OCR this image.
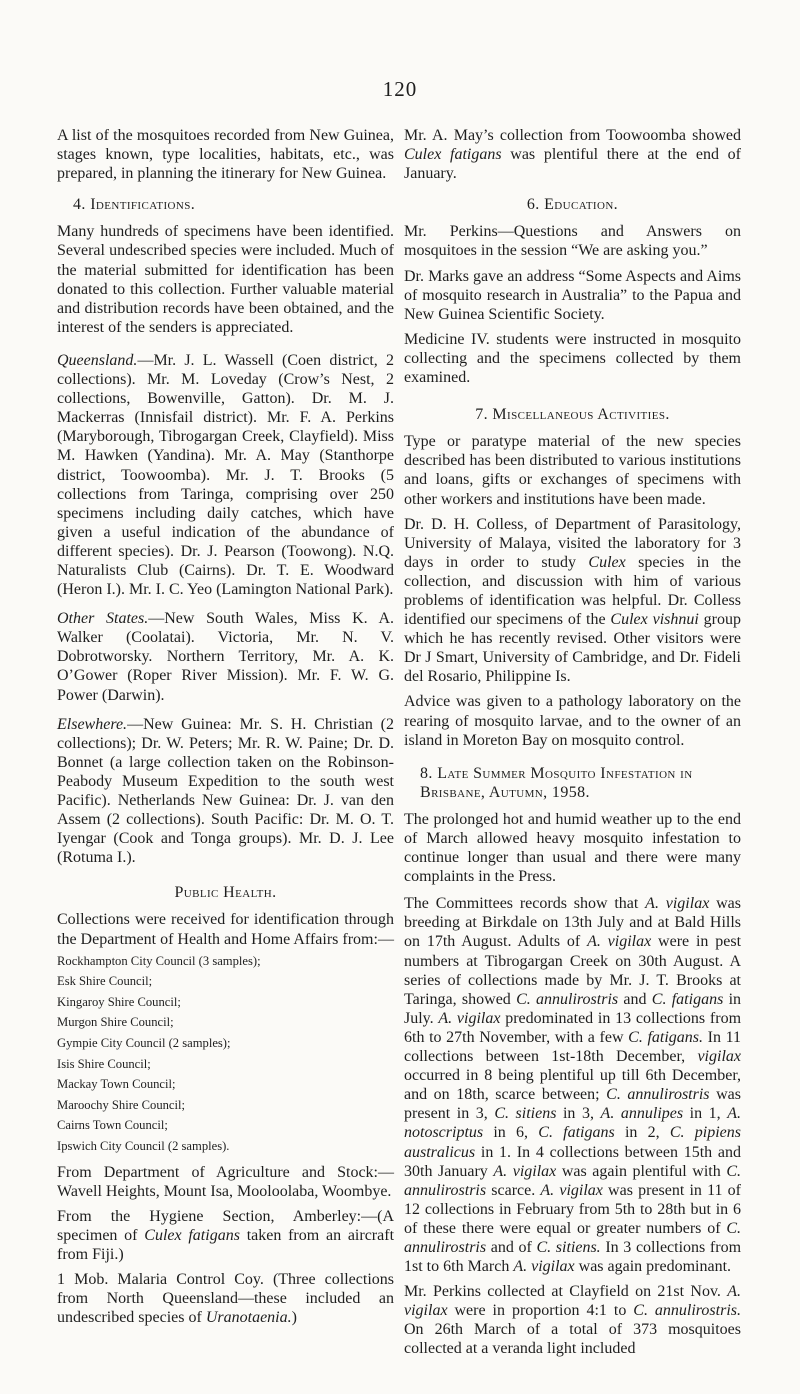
120

A list of the mosquitoes recorded from New Guinea, stages known, type localities, habitats, etc., was prepared, in planning the itinerary for New Guinea.

4. Identifications.

Many hundreds of specimens have been identified. Several undescribed species were included. Much of the material submitted for identification has been donated to this collection. Further valuable material and distribution records have been obtained, and the interest of the senders is appreciated.

Queensland.—Mr. J. L. Wassell (Coen district, 2 collections). Mr. M. Loveday (Crow’s Nest, 2 collections, Bowenville, Gatton). Dr. M. J. Mackerras (Innisfail district). Mr. F. A. Perkins (Maryborough, Tibrogargan Creek, Clayfield). Miss M. Hawken (Yandina). Mr. A. May (Stanthorpe district, Toowoomba). Mr. J. T. Brooks (5 collections from Taringa, comprising over 250 specimens including daily catches, which have given a useful indication of the abundance of different species). Dr. J. Pearson (Toowong). N.Q. Naturalists Club (Cairns). Dr. T. E. Woodward (Heron I.). Mr. I. C. Yeo (Lamington National Park).

Other States.—New South Wales, Miss K. A. Walker (Coolatai). Victoria, Mr. N. V. Dobrotworsky. Northern Territory, Mr. A. K. O’Gower (Roper River Mission). Mr. F. W. G. Power (Darwin).

Elsewhere.—New Guinea: Mr. S. H. Christian (2 collections); Dr. W. Peters; Mr. R. W. Paine; Dr. D. Bonnet (a large collection taken on the Robinson-Peabody Museum Expedition to the south west Pacific). Netherlands New Guinea: Dr. J. van den Assem (2 collections). South Pacific: Dr. M. O. T. Iyengar (Cook and Tonga groups). Mr. D. J. Lee (Rotuma I.).

Public Health.

Collections were received for identification through the Department of Health and Home Affairs from:—

Rockhampton City Council (3 samples);
Esk Shire Council;
Kingaroy Shire Council;
Murgon Shire Council;
Gympie City Council (2 samples);
Isis Shire Council;
Mackay Town Council;
Maroochy Shire Council;
Cairns Town Council;
Ipswich City Council (2 samples).

From Department of Agriculture and Stock:—Wavell Heights, Mount Isa, Mooloolaba, Woombye.

From the Hygiene Section, Amberley:—(A specimen of Culex fatigans taken from an aircraft from Fiji.)

1 Mob. Malaria Control Coy. (Three collections from North Queensland—these included an undescribed species of Uranotaenia.)

Mr. A. May’s collection from Toowoomba showed Culex fatigans was plentiful there at the end of January.

6. Education.

Mr. Perkins—Questions and Answers on mosquitoes in the session “We are asking you.”

Dr. Marks gave an address “Some Aspects and Aims of mosquito research in Australia” to the Papua and New Guinea Scientific Society.

Medicine IV. students were instructed in mosquito collecting and the specimens collected by them examined.

7. Miscellaneous Activities.

Type or paratype material of the new species described has been distributed to various institutions and loans, gifts or exchanges of specimens with other workers and institutions have been made.

Dr. D. H. Colless, of Department of Parasitology, University of Malaya, visited the laboratory for 3 days in order to study Culex species in the collection, and discussion with him of various problems of identification was helpful. Dr. Colless identified our specimens of the Culex vishnui group which he has recently revised. Other visitors were Dr J Smart, University of Cambridge, and Dr. Fideli del Rosario, Philippine Is.

Advice was given to a pathology laboratory on the rearing of mosquito larvae, and to the owner of an island in Moreton Bay on mosquito control.

8. Late Summer Mosquito Infestation in Brisbane, Autumn, 1958.

The prolonged hot and humid weather up to the end of March allowed heavy mosquito infestation to continue longer than usual and there were many complaints in the Press.

The Committees records show that A. vigilax was breeding at Birkdale on 13th July and at Bald Hills on 17th August. Adults of A. vigilax were in pest numbers at Tibrogargan Creek on 30th August. A series of collections made by Mr. J. T. Brooks at Taringa, showed C. annulirostris and C. fatigans in July. A. vigilax predominated in 13 collections from 6th to 27th November, with a few C. fatigans. In 11 collections between 1st-18th December, vigilax occurred in 8 being plentiful up till 6th December, and on 18th, scarce between; C. annulirostris was present in 3, C. sitiens in 3, A. annulipes in 1, A. notoscriptus in 6, C. fatigans in 2, C. pipiens australicus in 1. In 4 collections between 15th and 30th January A. vigilax was again plentiful with C. annulirostris scarce. A. vigilax was present in 11 of 12 collections in February from 5th to 28th but in 6 of these there were equal or greater numbers of C. annulirostris and of C. sitiens. In 3 collections from 1st to 6th March A. vigilax was again predominant.

Mr. Perkins collected at Clayfield on 21st Nov. A. vigilax were in proportion 4:1 to C. annulirostris. On 26th March of a total of 373 mosquitoes collected at a veranda light included
